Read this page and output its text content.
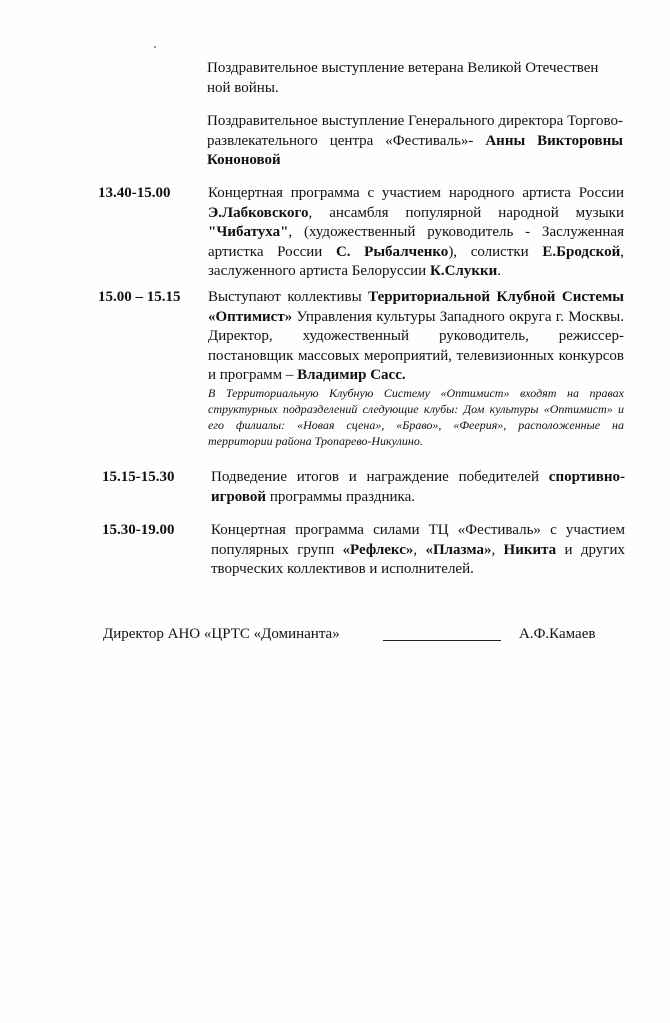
Поздравительное выступление ветерана Великой Отечествен
ной войны.

Поздравительное выступление Генерального директора Торгово-развлекательного центра «Фестиваль»- Анны Викторовны Кононовой

13.40-15.00	Концертная программа с участием народного артиста России Э.Лабковского, ансамбля популярной народной музыки "Чибатуха", (художественный руководитель - Заслуженная артистка России С. Рыбалченко), солистки Е.Бродской, заслуженного артиста Белоруссии К.Слукки.

15.00 – 15.15 Выступают коллективы Территориальной Клубной Системы «Оптимист» Управления культуры Западного округа г. Москвы. Директор, художественный руководитель, режиссер-постановщик массовых мероприятий, телевизионных конкурсов и программ – Владимир Сасс.

В Территориальную Клубную Систему «Оптимист» входят на правах структурных подразделений следующие клубы: Дом культуры «Оптимист» и его филиалы: «Новая сцена», «Браво», «Феерия», расположенные на территории района Тропарево-Никулино.

15.15-15.30 Подведение итогов и награждение победителей спортивно-игровой программы праздника.

15.30-19.00 Концертная программа силами ТЦ «Фестиваль» с участием популярных групп «Рефлекс», «Плазма», Никита и других творческих коллективов и исполнителей.

Директор АНО «ЦРТС «Доминанта»	А.Ф.Камаев
